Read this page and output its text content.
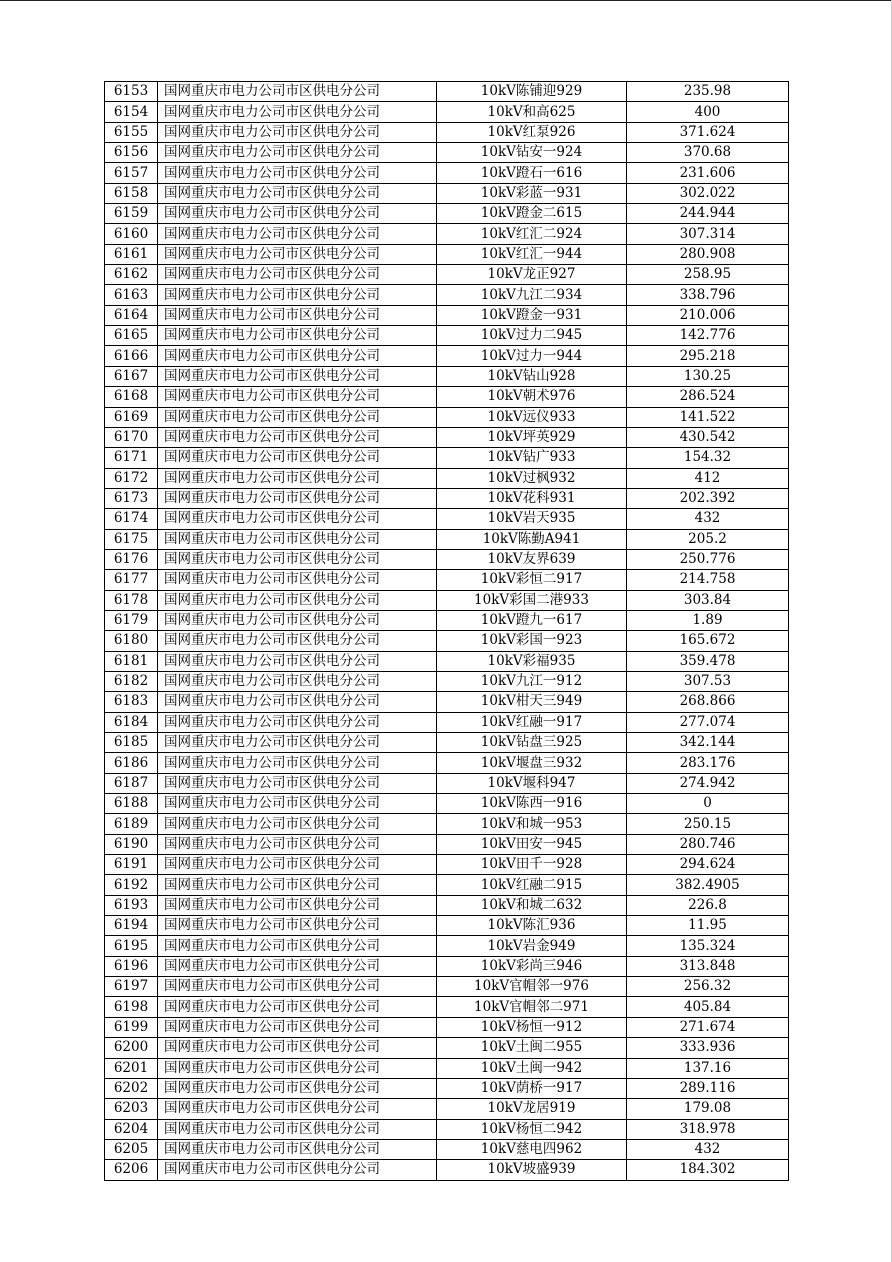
6153	国网重庆市电力公司市区供电分公司	10kV陈铺迎929	235.98
6154	国网重庆市电力公司市区供电分公司	10kV和高625	400
6155	国网重庆市电力公司市区供电分公司	10kV红泵926	371.624
6156	国网重庆市电力公司市区供电分公司	10kV钻安一924	370.68
6157	国网重庆市电力公司市区供电分公司	10kV蹬石一616	231.606
6158	国网重庆市电力公司市区供电分公司	10kV彩蓝一931	302.022
6159	国网重庆市电力公司市区供电分公司	10kV蹬金二615	244.944
6160	国网重庆市电力公司市区供电分公司	10kV红汇二924	307.314
6161	国网重庆市电力公司市区供电分公司	10kV红汇一944	280.908
6162	国网重庆市电力公司市区供电分公司	10kV龙正927	258.95
6163	国网重庆市电力公司市区供电分公司	10kV九江二934	338.796
6164	国网重庆市电力公司市区供电分公司	10kV蹬金一931	210.006
6165	国网重庆市电力公司市区供电分公司	10kV过力二945	142.776
6166	国网重庆市电力公司市区供电分公司	10kV过力一944	295.218
6167	国网重庆市电力公司市区供电分公司	10kV钻山928	130.25
6168	国网重庆市电力公司市区供电分公司	10kV朝术976	286.524
6169	国网重庆市电力公司市区供电分公司	10kV远仪933	141.522
6170	国网重庆市电力公司市区供电分公司	10kV坪英929	430.542
6171	国网重庆市电力公司市区供电分公司	10kV钻广933	154.32
6172	国网重庆市电力公司市区供电分公司	10kV过枫932	412
6173	国网重庆市电力公司市区供电分公司	10kV花科931	202.392
6174	国网重庆市电力公司市区供电分公司	10kV岩天935	432
6175	国网重庆市电力公司市区供电分公司	10kV陈勤A941	205.2
6176	国网重庆市电力公司市区供电分公司	10kV友界639	250.776
6177	国网重庆市电力公司市区供电分公司	10kV彩恒二917	214.758
6178	国网重庆市电力公司市区供电分公司	10kV彩国二港933	303.84
6179	国网重庆市电力公司市区供电分公司	10kV蹬九一617	1.89
6180	国网重庆市电力公司市区供电分公司	10kV彩国一923	165.672
6181	国网重庆市电力公司市区供电分公司	10kV彩福935	359.478
6182	国网重庆市电力公司市区供电分公司	10kV九江一912	307.53
6183	国网重庆市电力公司市区供电分公司	10kV柑天三949	268.866
6184	国网重庆市电力公司市区供电分公司	10kV红融一917	277.074
6185	国网重庆市电力公司市区供电分公司	10kV钻盘三925	342.144
6186	国网重庆市电力公司市区供电分公司	10kV堰盘三932	283.176
6187	国网重庆市电力公司市区供电分公司	10kV堰科947	274.942
6188	国网重庆市电力公司市区供电分公司	10kV陈西一916	0
6189	国网重庆市电力公司市区供电分公司	10kV和城一953	250.15
6190	国网重庆市电力公司市区供电分公司	10kV田安一945	280.746
6191	国网重庆市电力公司市区供电分公司	10kV田千一928	294.624
6192	国网重庆市电力公司市区供电分公司	10kV红融二915	382.4905
6193	国网重庆市电力公司市区供电分公司	10kV和城二632	226.8
6194	国网重庆市电力公司市区供电分公司	10kV陈汇936	11.95
6195	国网重庆市电力公司市区供电分公司	10kV岩金949	135.324
6196	国网重庆市电力公司市区供电分公司	10kV彩尚三946	313.848
6197	国网重庆市电力公司市区供电分公司	10kV官帽邻一976	256.32
6198	国网重庆市电力公司市区供电分公司	10kV官帽邻二971	405.84
6199	国网重庆市电力公司市区供电分公司	10kV杨恒一912	271.674
6200	国网重庆市电力公司市区供电分公司	10kV土闽二955	333.936
6201	国网重庆市电力公司市区供电分公司	10kV土闽一942	137.16
6202	国网重庆市电力公司市区供电分公司	10kV荫桥一917	289.116
6203	国网重庆市电力公司市区供电分公司	10kV龙居919	179.08
6204	国网重庆市电力公司市区供电分公司	10kV杨恒二942	318.978
6205	国网重庆市电力公司市区供电分公司	10kV慈电四962	432
6206	国网重庆市电力公司市区供电分公司	10kV坡盛939	184.302
